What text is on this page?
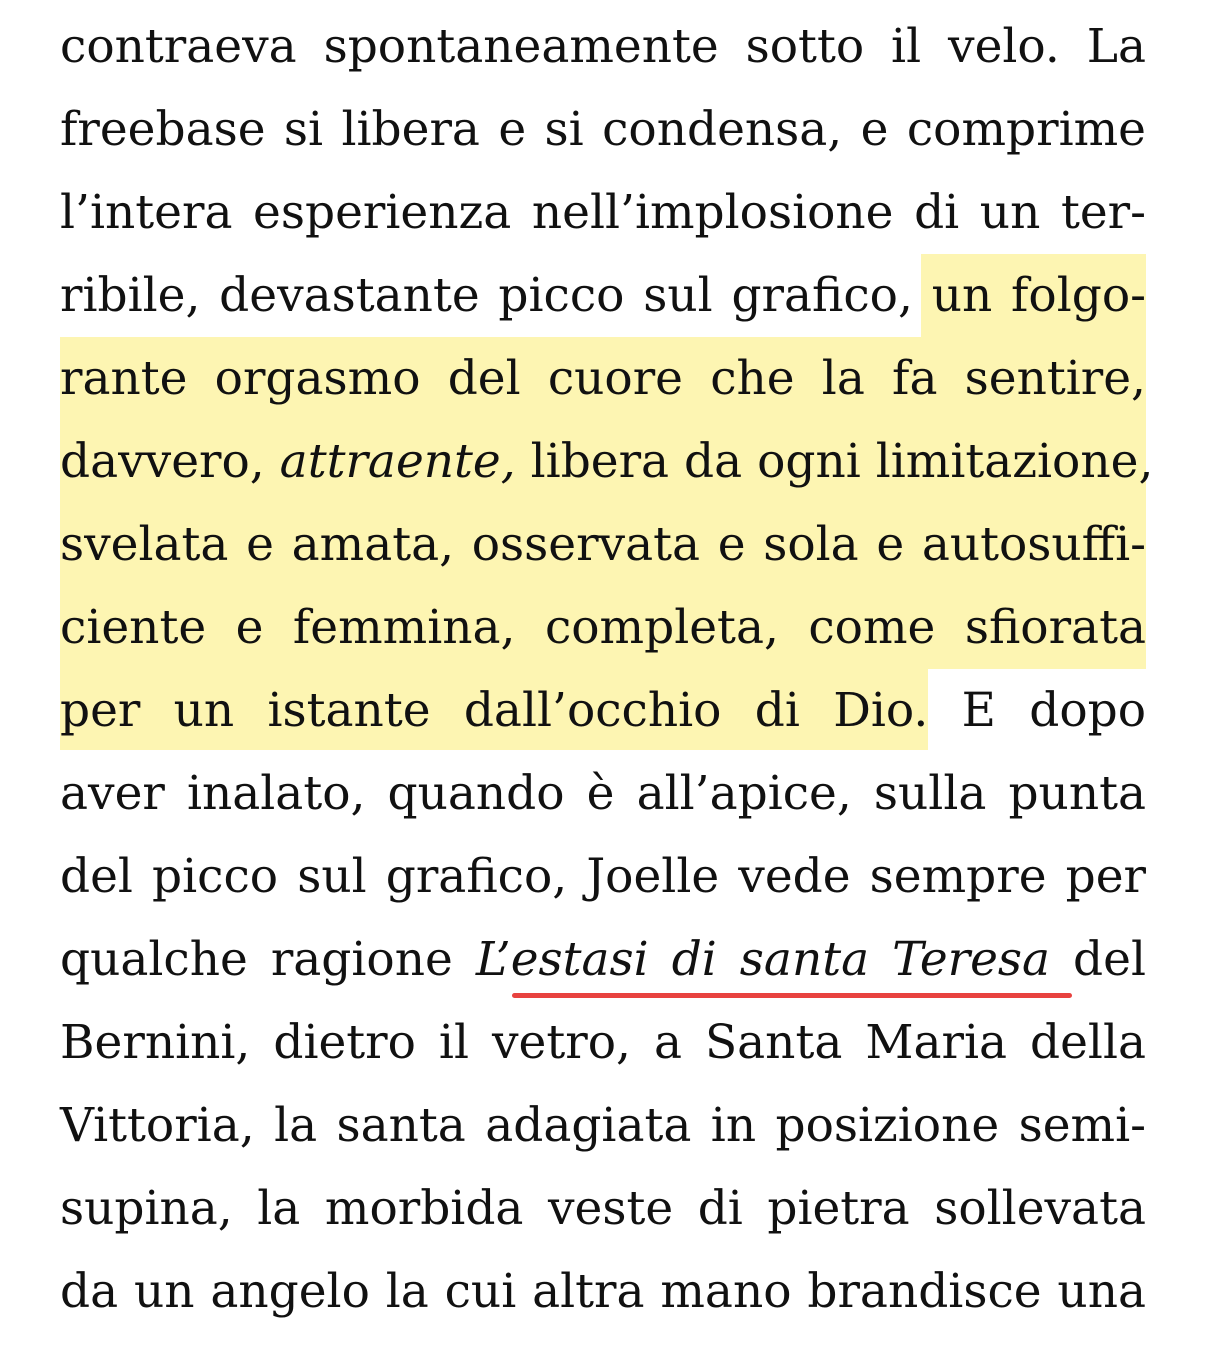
contraeva spontaneamente sotto il velo. La
freebase si libera e si condensa, e comprime
l’intera esperienza nell’implosione di un ter-
ribile, devastante picco sul grafico, un folgo-
rante orgasmo del cuore che la fa sentire,
davvero, attraente, libera da ogni limitazione,
svelata e amata, osservata e sola e autosuffi-
ciente e femmina, completa, come sfiorata
per un istante dall’occhio di Dio. E dopo
aver inalato, quando è all’apice, sulla punta
del picco sul grafico, Joelle vede sempre per
qualche ragione L’estasi di santa Teresa del
Bernini, dietro il vetro, a Santa Maria della
Vittoria, la santa adagiata in posizione semi-
supina, la morbida veste di pietra sollevata
da un angelo la cui altra mano brandisce una
